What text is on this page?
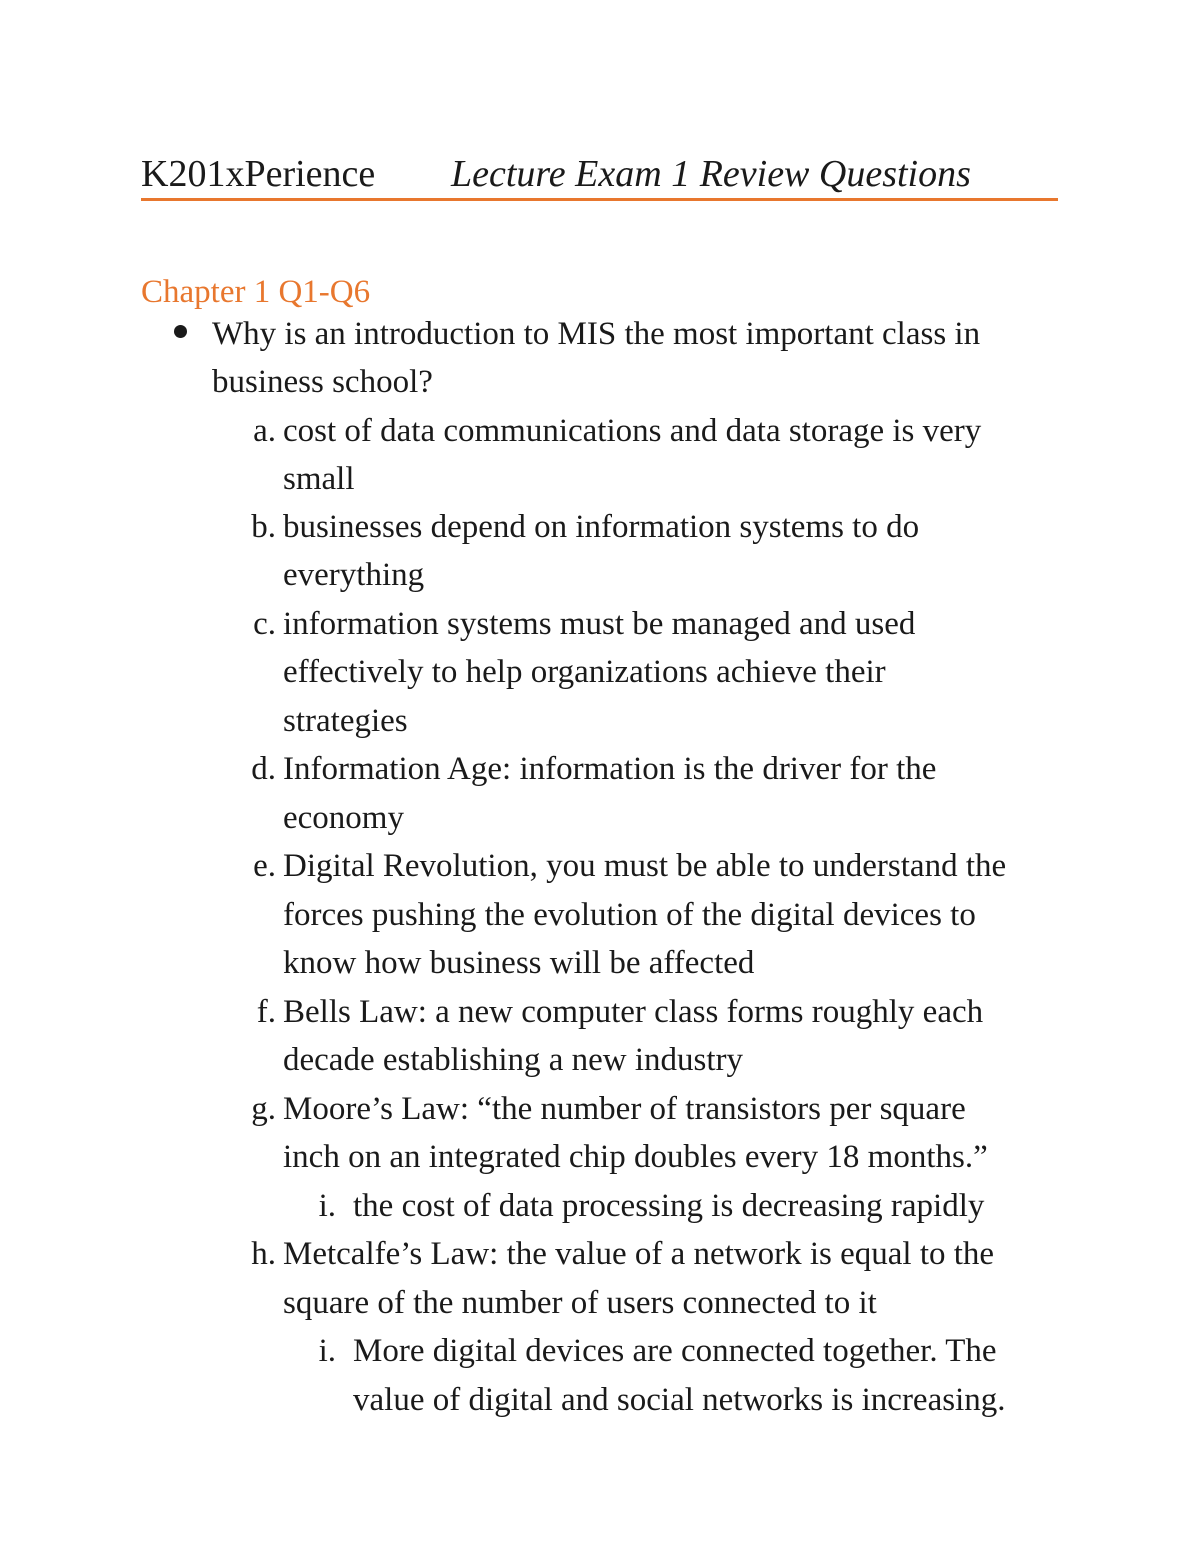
K201xPerience Lecture Exam 1 Review Questions
Chapter 1 Q1-Q6
Why is an introduction to MIS the most important class in
business school?
a. cost of data communications and data storage is very
small
b. businesses depend on information systems to do
everything
c. information systems must be managed and used
effectively to help organizations achieve their
strategies
d. Information Age: information is the driver for the
economy
e. Digital Revolution, you must be able to understand the
forces pushing the evolution of the digital devices to
know how business will be affected
f. Bells Law: a new computer class forms roughly each
decade establishing a new industry
g. Moore’s Law: “the number of transistors per square
inch on an integrated chip doubles every 18 months.”
i. the cost of data processing is decreasing rapidly
h. Metcalfe’s Law: the value of a network is equal to the
square of the number of users connected to it
i. More digital devices are connected together. The
value of digital and social networks is increasing.
